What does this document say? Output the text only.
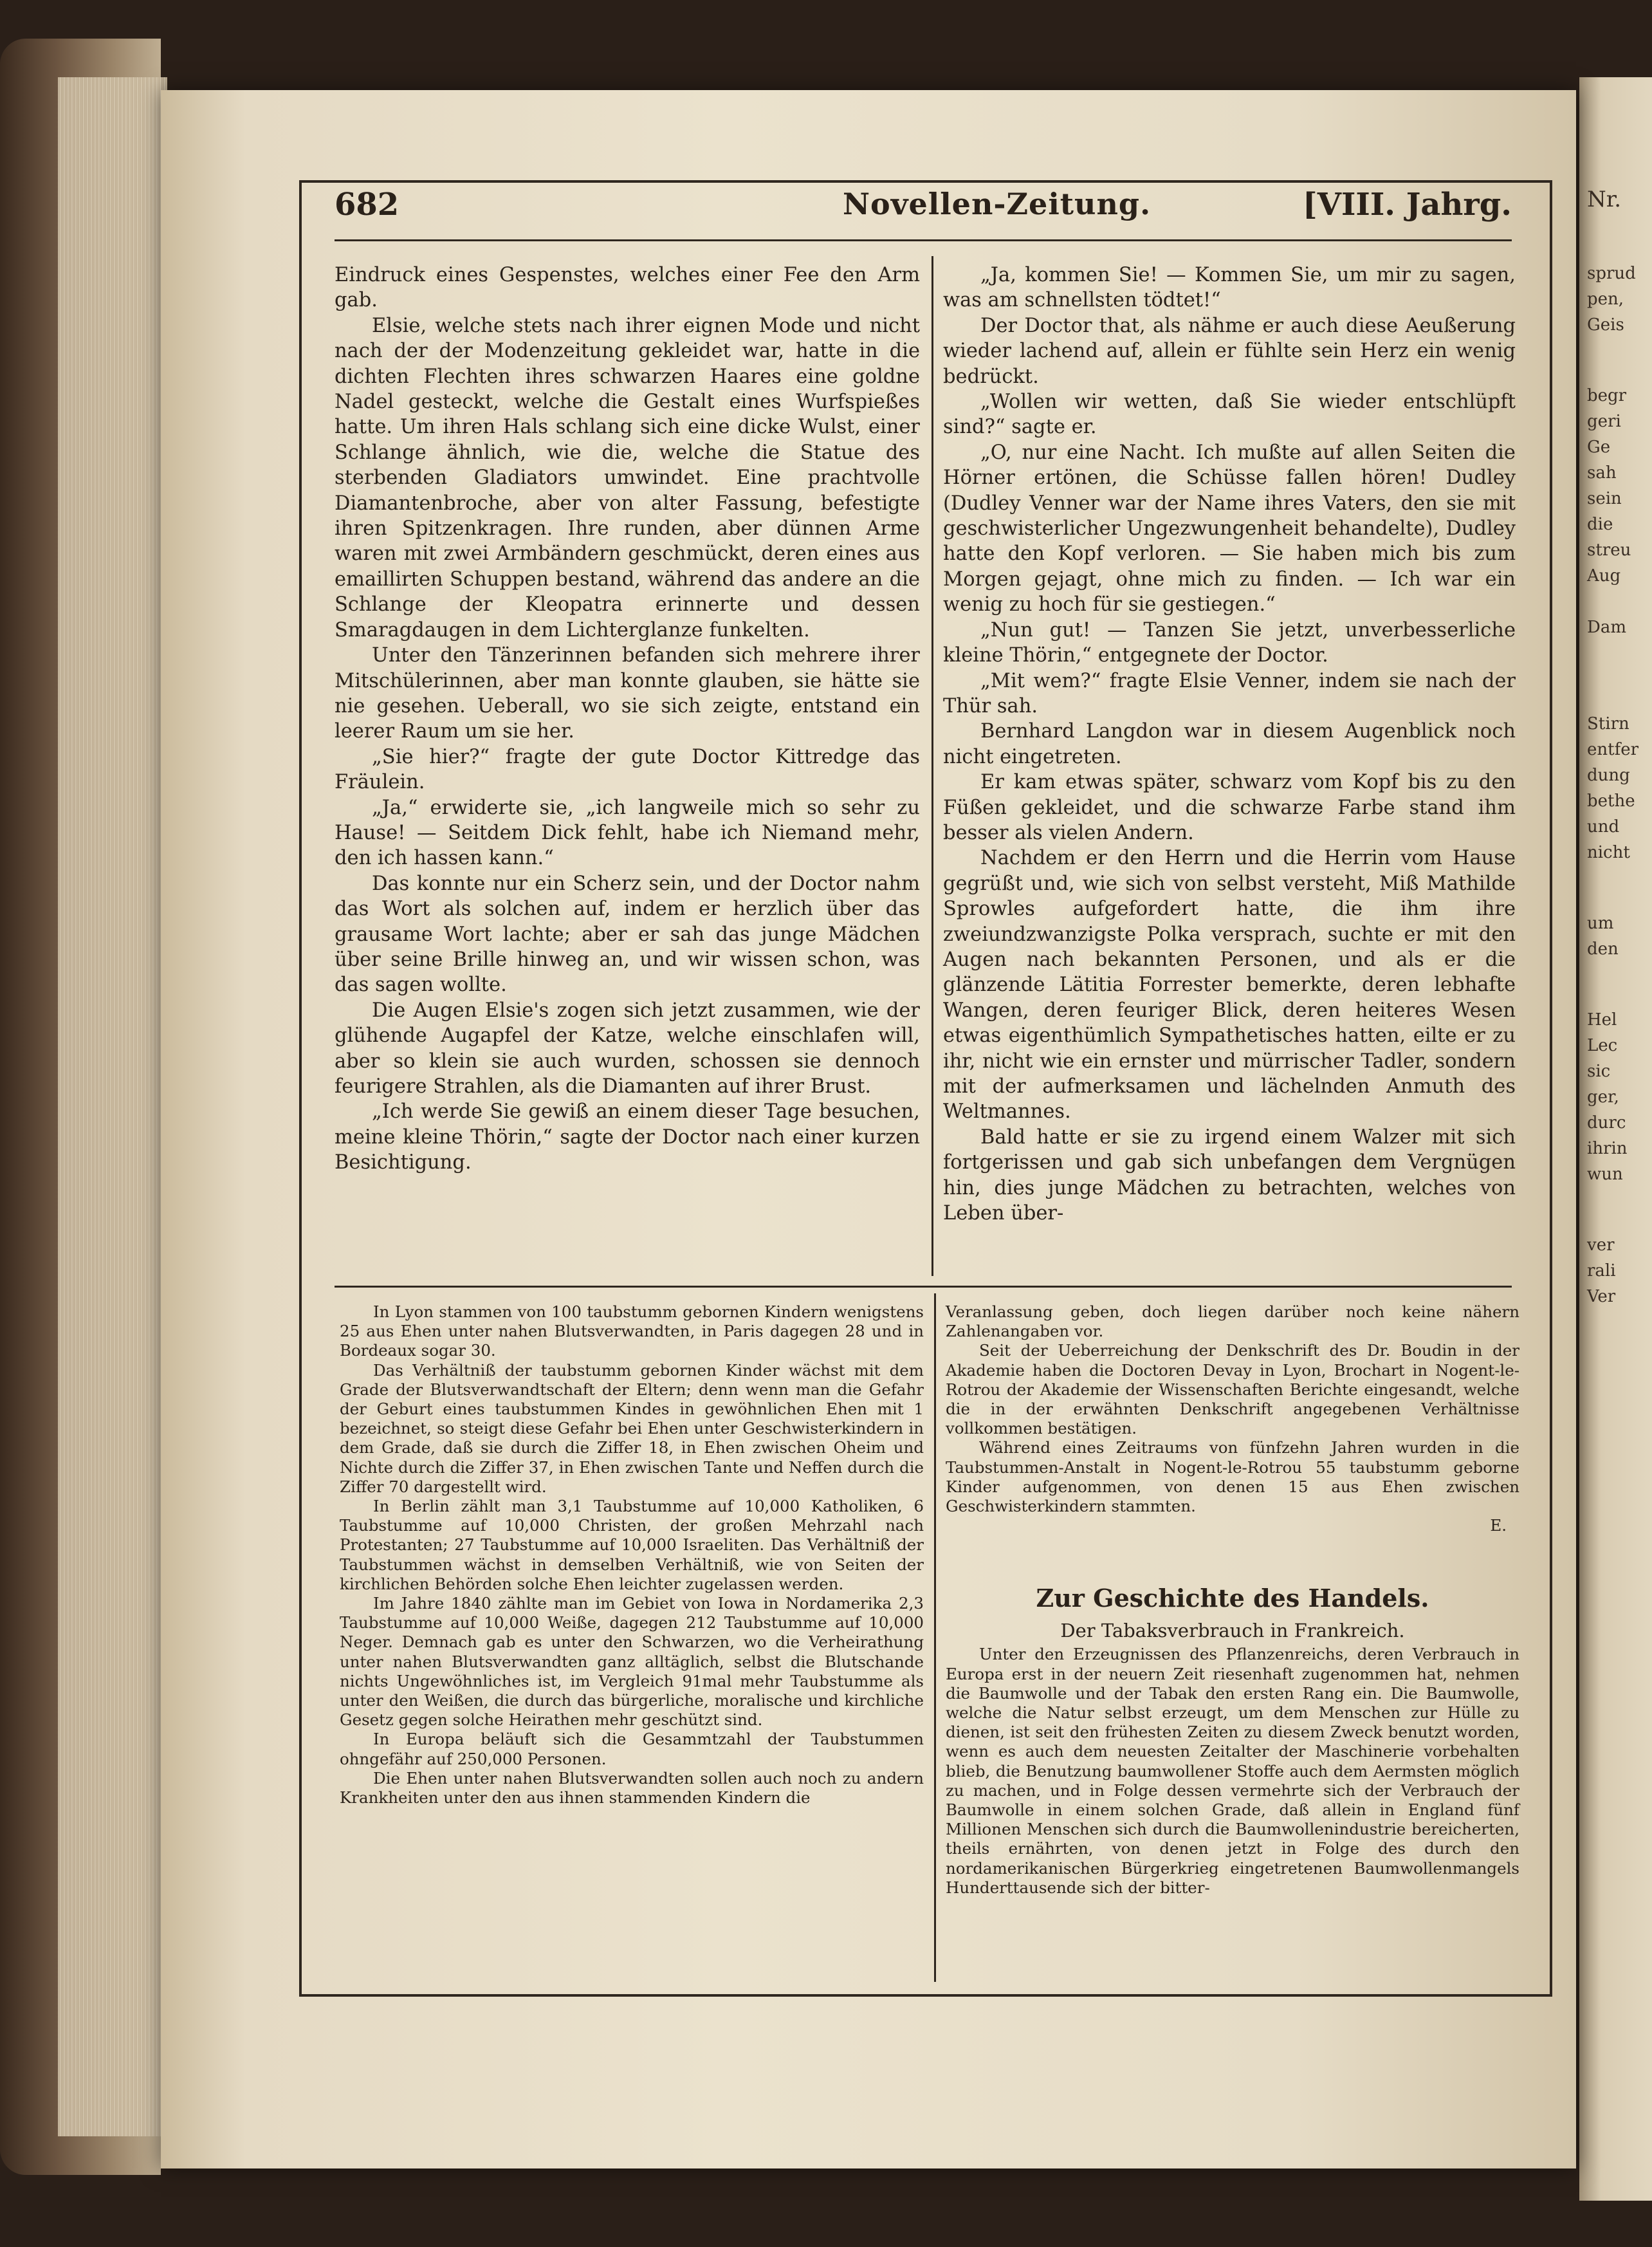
Nr.
sprud
pen,
Geis
begr
geri
Ge
sah
sein
die
streu
Aug
Dam
Stirn
entfer
dung
bethe
und
nicht
um
den
Hel
Lec
sic
ger,
durc
ihrin
wun
ver
rali
Ver
682	Novellen-Zeitung.	[VIII. Jahrg.

Eindruck eines Gespenstes, welches einer Fee den Arm gab.

Elsie, welche stets nach ihrer eignen Mode und nicht nach der der Modenzeitung gekleidet war, hatte in die dichten Flechten ihres schwarzen Haares eine goldne Nadel gesteckt, welche die Gestalt eines Wurfspießes hatte. Um ihren Hals schlang sich eine dicke Wulst, einer Schlange ähnlich, wie die, welche die Statue des sterbenden Gladiators umwindet. Eine prachtvolle Diamantenbroche, aber von alter Fassung, befestigte ihren Spitzenkragen. Ihre runden, aber dünnen Arme waren mit zwei Armbändern geschmückt, deren eines aus emaillirten Schuppen bestand, während das andere an die Schlange der Kleopatra erinnerte und dessen Smaragdaugen in dem Lichterglanze funkelten.

Unter den Tänzerinnen befanden sich mehrere ihrer Mitschülerinnen, aber man konnte glauben, sie hätte sie nie gesehen. Ueberall, wo sie sich zeigte, entstand ein leerer Raum um sie her.

„Sie hier?“ fragte der gute Doctor Kittredge das Fräulein.

„Ja,“ erwiderte sie, „ich langweile mich so sehr zu Hause! — Seitdem Dick fehlt, habe ich Niemand mehr, den ich hassen kann.“

Das konnte nur ein Scherz sein, und der Doctor nahm das Wort als solchen auf, indem er herzlich über das grausame Wort lachte; aber er sah das junge Mädchen über seine Brille hinweg an, und wir wissen schon, was das sagen wollte.

Die Augen Elsie's zogen sich jetzt zusammen, wie der glühende Augapfel der Katze, welche einschlafen will, aber so klein sie auch wurden, schossen sie dennoch feurigere Strahlen, als die Diamanten auf ihrer Brust.

„Ich werde Sie gewiß an einem dieser Tage besuchen, meine kleine Thörin,“ sagte der Doctor nach einer kurzen Besichtigung.

„Ja, kommen Sie! — Kommen Sie, um mir zu sagen, was am schnellsten tödtet!“

Der Doctor that, als nähme er auch diese Aeußerung wieder lachend auf, allein er fühlte sein Herz ein wenig bedrückt.

„Wollen wir wetten, daß Sie wieder entschlüpft sind?“ sagte er.

„O, nur eine Nacht. Ich mußte auf allen Seiten die Hörner ertönen, die Schüsse fallen hören! Dudley (Dudley Venner war der Name ihres Vaters, den sie mit geschwisterlicher Ungezwungenheit behandelte), Dudley hatte den Kopf verloren. — Sie haben mich bis zum Morgen gejagt, ohne mich zu finden. — Ich war ein wenig zu hoch für sie gestiegen.“

„Nun gut! — Tanzen Sie jetzt, unverbesserliche kleine Thörin,“ entgegnete der Doctor.

„Mit wem?“ fragte Elsie Venner, indem sie nach der Thür sah.

Bernhard Langdon war in diesem Augenblick noch nicht eingetreten.

Er kam etwas später, schwarz vom Kopf bis zu den Füßen gekleidet, und die schwarze Farbe stand ihm besser als vielen Andern.

Nachdem er den Herrn und die Herrin vom Hause gegrüßt und, wie sich von selbst versteht, Miß Mathilde Sprowles aufgefordert hatte, die ihm ihre zweiundzwanzigste Polka versprach, suchte er mit den Augen nach bekannten Personen, und als er die glänzende Lätitia Forrester bemerkte, deren lebhafte Wangen, deren feuriger Blick, deren heiteres Wesen etwas eigenthümlich Sympathetisches hatten, eilte er zu ihr, nicht wie ein ernster und mürrischer Tadler, sondern mit der aufmerksamen und lächelnden Anmuth des Weltmannes.

Bald hatte er sie zu irgend einem Walzer mit sich fortgerissen und gab sich unbefangen dem Vergnügen hin, dies junge Mädchen zu betrachten, welches von Leben über-

In Lyon stammen von 100 taubstumm gebornen Kindern wenigstens 25 aus Ehen unter nahen Blutsverwandten, in Paris dagegen 28 und in Bordeaux sogar 30.

Das Verhältniß der taubstumm gebornen Kinder wächst mit dem Grade der Blutsverwandtschaft der Eltern; denn wenn man die Gefahr der Geburt eines taubstummen Kindes in gewöhnlichen Ehen mit 1 bezeichnet, so steigt diese Gefahr bei Ehen unter Geschwisterkindern in dem Grade, daß sie durch die Ziffer 18, in Ehen zwischen Oheim und Nichte durch die Ziffer 37, in Ehen zwischen Tante und Neffen durch die Ziffer 70 dargestellt wird.

In Berlin zählt man 3,1 Taubstumme auf 10,000 Katholiken, 6 Taubstumme auf 10,000 Christen, der großen Mehrzahl nach Protestanten; 27 Taubstumme auf 10,000 Israeliten. Das Verhältniß der Taubstummen wächst in demselben Verhältniß, wie von Seiten der kirchlichen Behörden solche Ehen leichter zugelassen werden.

Im Jahre 1840 zählte man im Gebiet von Iowa in Nordamerika 2,3 Taubstumme auf 10,000 Weiße, dagegen 212 Taubstumme auf 10,000 Neger. Demnach gab es unter den Schwarzen, wo die Verheirathung unter nahen Blutsverwandten ganz alltäglich, selbst die Blutschande nichts Ungewöhnliches ist, im Vergleich 91mal mehr Taubstumme als unter den Weißen, die durch das bürgerliche, moralische und kirchliche Gesetz gegen solche Heirathen mehr geschützt sind.

In Europa beläuft sich die Gesammtzahl der Taubstummen ohngefähr auf 250,000 Personen.

Die Ehen unter nahen Blutsverwandten sollen auch noch zu andern Krankheiten unter den aus ihnen stammenden Kindern die

Veranlassung geben, doch liegen darüber noch keine nähern Zahlenangaben vor.

Seit der Ueberreichung der Denkschrift des Dr. Boudin in der Akademie haben die Doctoren Devay in Lyon, Brochart in Nogent-le-Rotrou der Akademie der Wissenschaften Berichte eingesandt, welche die in der erwähnten Denkschrift angegebenen Verhältnisse vollkommen bestätigen.

Während eines Zeitraums von fünfzehn Jahren wurden in die Taubstummen-Anstalt in Nogent-le-Rotrou 55 taubstumm geborne Kinder aufgenommen, von denen 15 aus Ehen zwischen Geschwisterkindern stammten.

E.

Zur Geschichte des Handels.

Der Tabaksverbrauch in Frankreich.

Unter den Erzeugnissen des Pflanzenreichs, deren Verbrauch in Europa erst in der neuern Zeit riesenhaft zugenommen hat, nehmen die Baumwolle und der Tabak den ersten Rang ein. Die Baumwolle, welche die Natur selbst erzeugt, um dem Menschen zur Hülle zu dienen, ist seit den frühesten Zeiten zu diesem Zweck benutzt worden, wenn es auch dem neuesten Zeitalter der Maschinerie vorbehalten blieb, die Benutzung baumwollener Stoffe auch dem Aermsten möglich zu machen, und in Folge dessen vermehrte sich der Verbrauch der Baumwolle in einem solchen Grade, daß allein in England fünf Millionen Menschen sich durch die Baumwollenindustrie bereicherten, theils ernährten, von denen jetzt in Folge des durch den nordamerikanischen Bürgerkrieg eingetretenen Baumwollenmangels Hunderttausende sich der bitter-
